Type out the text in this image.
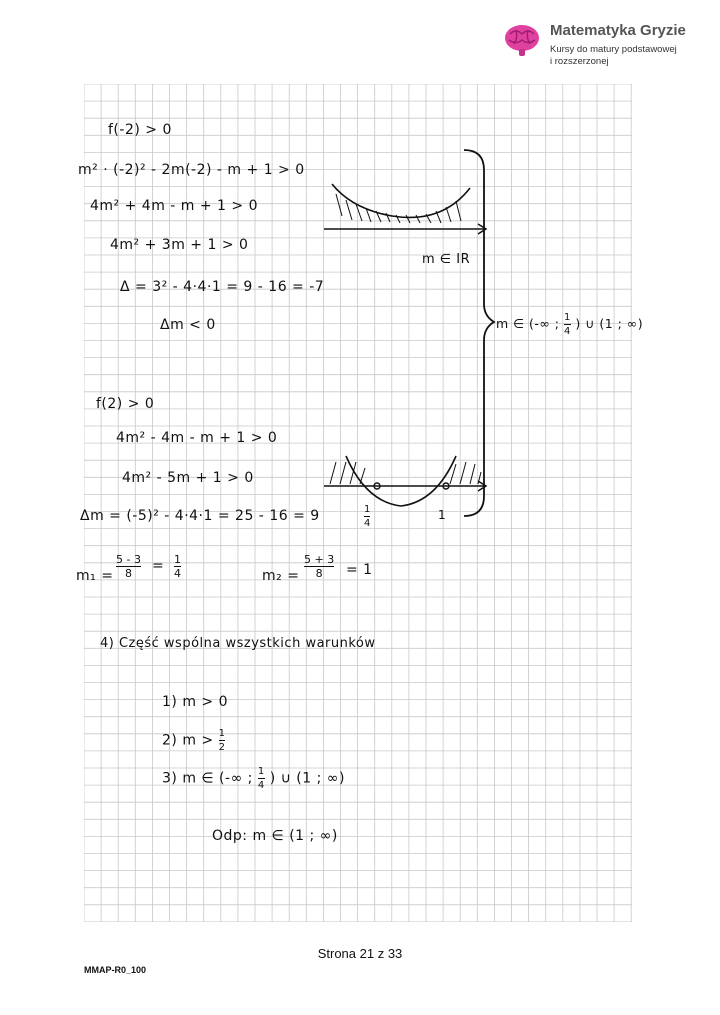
Matematyka Gryzie
Kursy do matury podstawowej
i rozszerzonej
f(-2) > 0
m² · (-2)² - 2m(-2) - m + 1 > 0
4m² + 4m - m + 1 > 0
4m² + 3m + 1 > 0
Δ = 3² - 4·4·1 = 9 - 16 = -7
Δm < 0
m ∈ IR
m ∈ (-∞ ; $\frac{1}{4}$ ) ∪ (1 ; ∞)
f(2) > 0
4m² - 4m - m + 1 > 0
4m² - 5m + 1 > 0
Δm = (-5)² - 4·4·1 = 25 - 16 = 9	1
4
1
m₁ =
5 - 3
8 = 1
4	m₂ =
5 + 3
8 = 1
4) Część wspólna wszystkich warunków
1) m > 0
2) $m > \frac{1}{2}$
3) m ∈ (-∞ ; $\frac{1}{4}$ ) ∪ (1 ; ∞)
Odp: m ∈ (1 ; ∞)
Strona 21 z 33
MMAP-R0_100
